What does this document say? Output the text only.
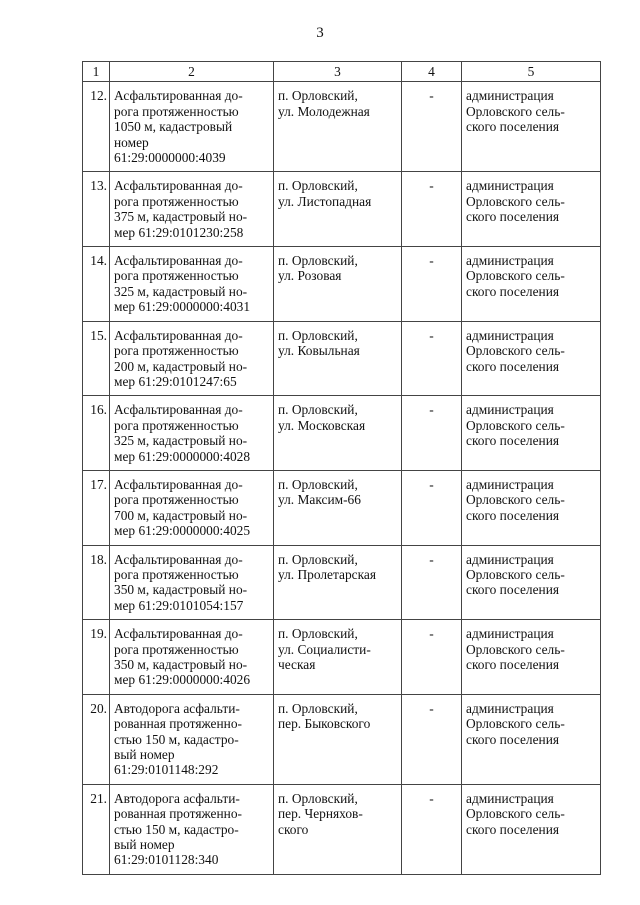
3
1	2	3	4	5
12.	Асфальтированная до-
рога протяженностью
1050 м, кадастровый
номер
61:29:0000000:4039	п. Орловский,
ул. Молодежная	-	администрация
Орловского сель-
ского поселения
13.	Асфальтированная до-
рога протяженностью
375 м, кадастровый но-
мер 61:29:0101230:258	п. Орловский,
ул. Листопадная	-	администрация
Орловского сель-
ского поселения
14.	Асфальтированная до-
рога протяженностью
325 м, кадастровый но-
мер 61:29:0000000:4031	п. Орловский,
ул. Розовая	-	администрация
Орловского сель-
ского поселения
15.	Асфальтированная до-
рога протяженностью
200 м, кадастровый но-
мер 61:29:0101247:65	п. Орловский,
ул. Ковыльная	-	администрация
Орловского сель-
ского поселения
16.	Асфальтированная до-
рога протяженностью
325 м, кадастровый но-
мер 61:29:0000000:4028	п. Орловский,
ул. Московская	-	администрация
Орловского сель-
ского поселения
17.	Асфальтированная до-
рога протяженностью
700 м, кадастровый но-
мер 61:29:0000000:4025	п. Орловский,
ул. Максим-66	-	администрация
Орловского сель-
ского поселения
18.	Асфальтированная до-
рога протяженностью
350 м, кадастровый но-
мер 61:29:0101054:157	п. Орловский,
ул. Пролетарская	-	администрация
Орловского сель-
ского поселения
19.	Асфальтированная до-
рога протяженностью
350 м, кадастровый но-
мер 61:29:0000000:4026	п. Орловский,
ул. Социалисти-
ческая	-	администрация
Орловского сель-
ского поселения
20.	Автодорога асфальти-
рованная протяженно-
стью 150 м, кадастро-
вый номер
61:29:0101148:292	п. Орловский,
пер. Быковского	-	администрация
Орловского сель-
ского поселения
21.	Автодорога асфальти-
рованная протяженно-
стью 150 м, кадастро-
вый номер
61:29:0101128:340	п. Орловский,
пер. Черняхов-
ского	-	администрация
Орловского сель-
ского поселения
